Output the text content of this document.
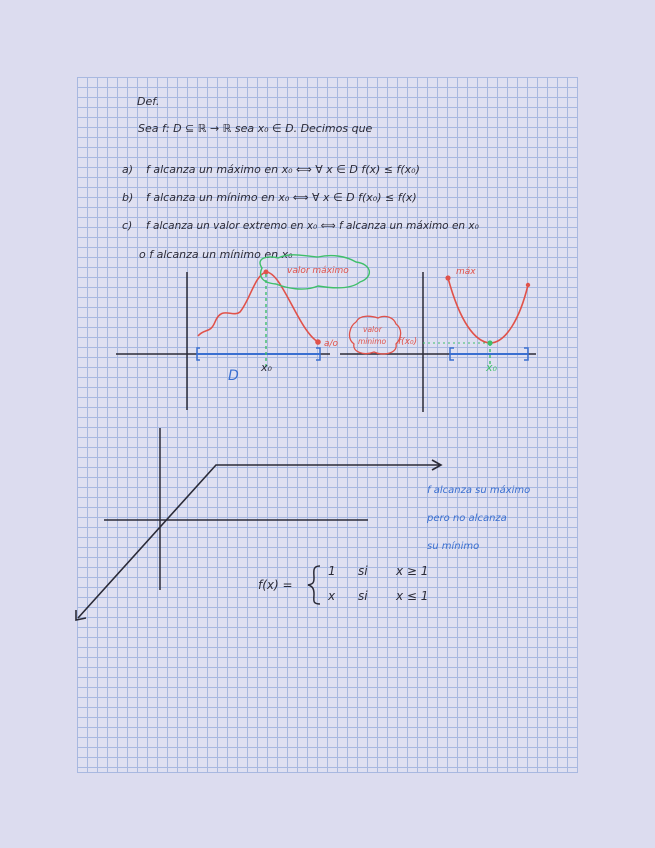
Def.
Sea f: D ⊆ ℝ → ℝ sea x₀ ∈ D. Decimos que
a) f alcanza un máximo en x₀ ⟺ ∀ x ∈ D f(x) ≤ f(x₀)
b) f alcanza un mínimo en x₀ ⟺ ∀ x ∈ D f(x₀) ≤ f(x)
c) f alcanza un valor extremo en x₀ ⟺ f alcanza un máximo en x₀
o f alcanza un mínimo en x₀
valor máximo
D
x₀
a/o
máx
valor
mínimo f(x₀)
x₀
f alcanza su máximo
pero no alcanza
su mínimo
f(x) =
1 si x ≥ 1
x si x ≤ 1
